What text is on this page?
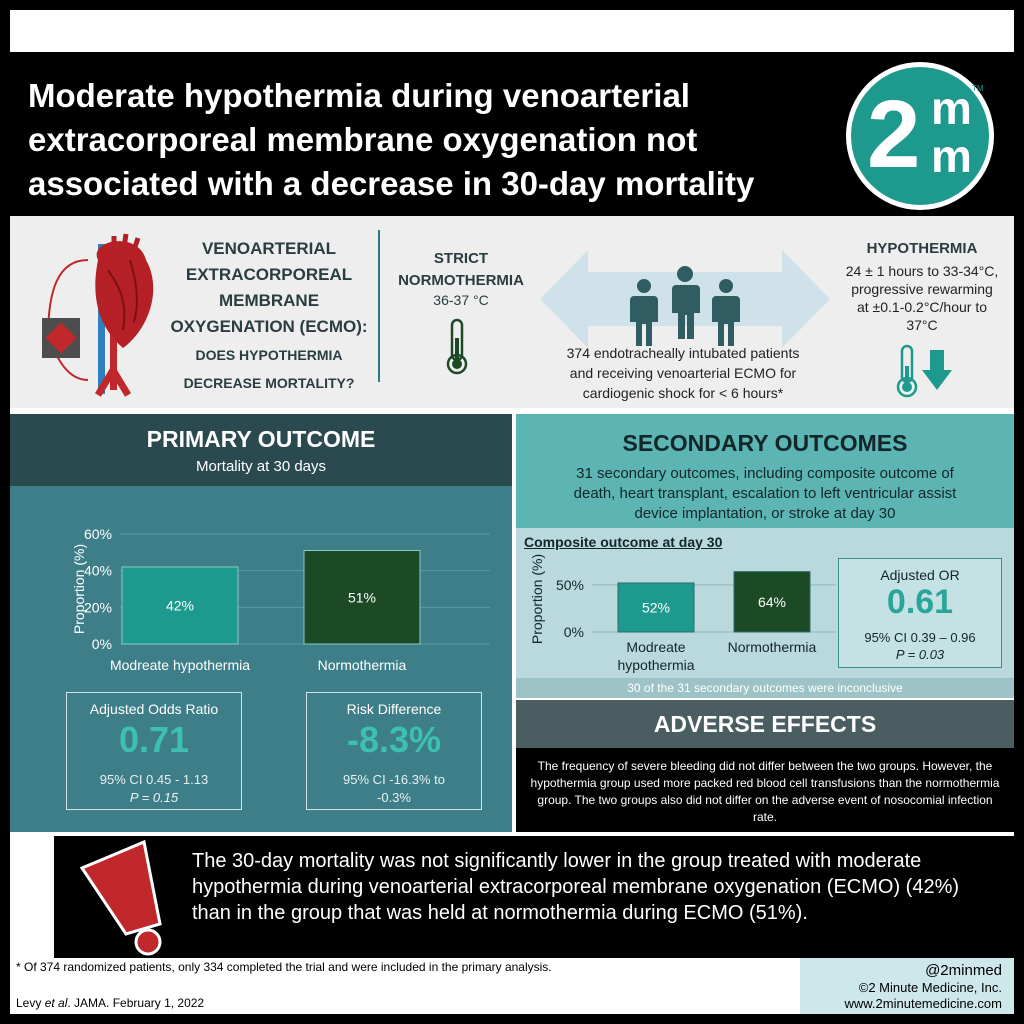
Moderate hypothermia during venoarterial
extracorporeal membrane oxygenation not
associated with a decrease in 30-day mortality	2 m
m
TM
VENOARTERIAL
EXTRACORPOREAL
MEMBRANE
OXYGENATION (ECMO):
DOES HYPOTHERMIA
DECREASE MORTALITY?
STRICT
NORMOTHERMIA
36-37 °C
374 endotracheally intubated patients
and receiving venoarterial ECMO for
cardiogenic shock for < 6 hours*
HYPOTHERMIA
24 ± 1 hours to 33-34°C,
progressive rewarming
at ±0.1-0.2°C/hour to
37°C
PRIMARY OUTCOME
Mortality at 30 days
0%
20%
40%
60%
Proportion (%)	42%
51%
Modreate hypothermia	Normothermia
Adjusted Odds Ratio
0.71
95% CI 0.45 - 1.13
P = 0.15
Risk Difference
-8.3%
95% CI -16.3% to
-0.3%
SECONDARY OUTCOMES
31 secondary outcomes, including composite outcome of
death, heart transplant, escalation to left ventricular assist
device implantation, or stroke at day 30
Composite outcome at day 30
0%
50%
Proportion (%)	52%	64%
Modreate
hypothermia
Normothermia
Adjusted OR
0.61
95% CI 0.39 – 0.96
P = 0.03
30 of the 31 secondary outcomes were inconclusive
ADVERSE EFFECTS
The frequency of severe bleeding did not differ between the two groups. However, the hypothermia group used more packed red blood cell transfusions than the normothermia group. The two groups also did not differ on the adverse event of nosocomial infection rate.
The 30-day mortality was not significantly lower in the group treated with moderate hypothermia during venoarterial extracorporeal membrane oxygenation (ECMO) (42%) than in the group that was held at normothermia during ECMO (51%).
* Of 374 randomized patients, only 334 completed the trial and were included in the primary analysis.
Levy et al. JAMA. February 1, 2022
@2minmed
©2 Minute Medicine, Inc.
www.2minutemedicine.com
